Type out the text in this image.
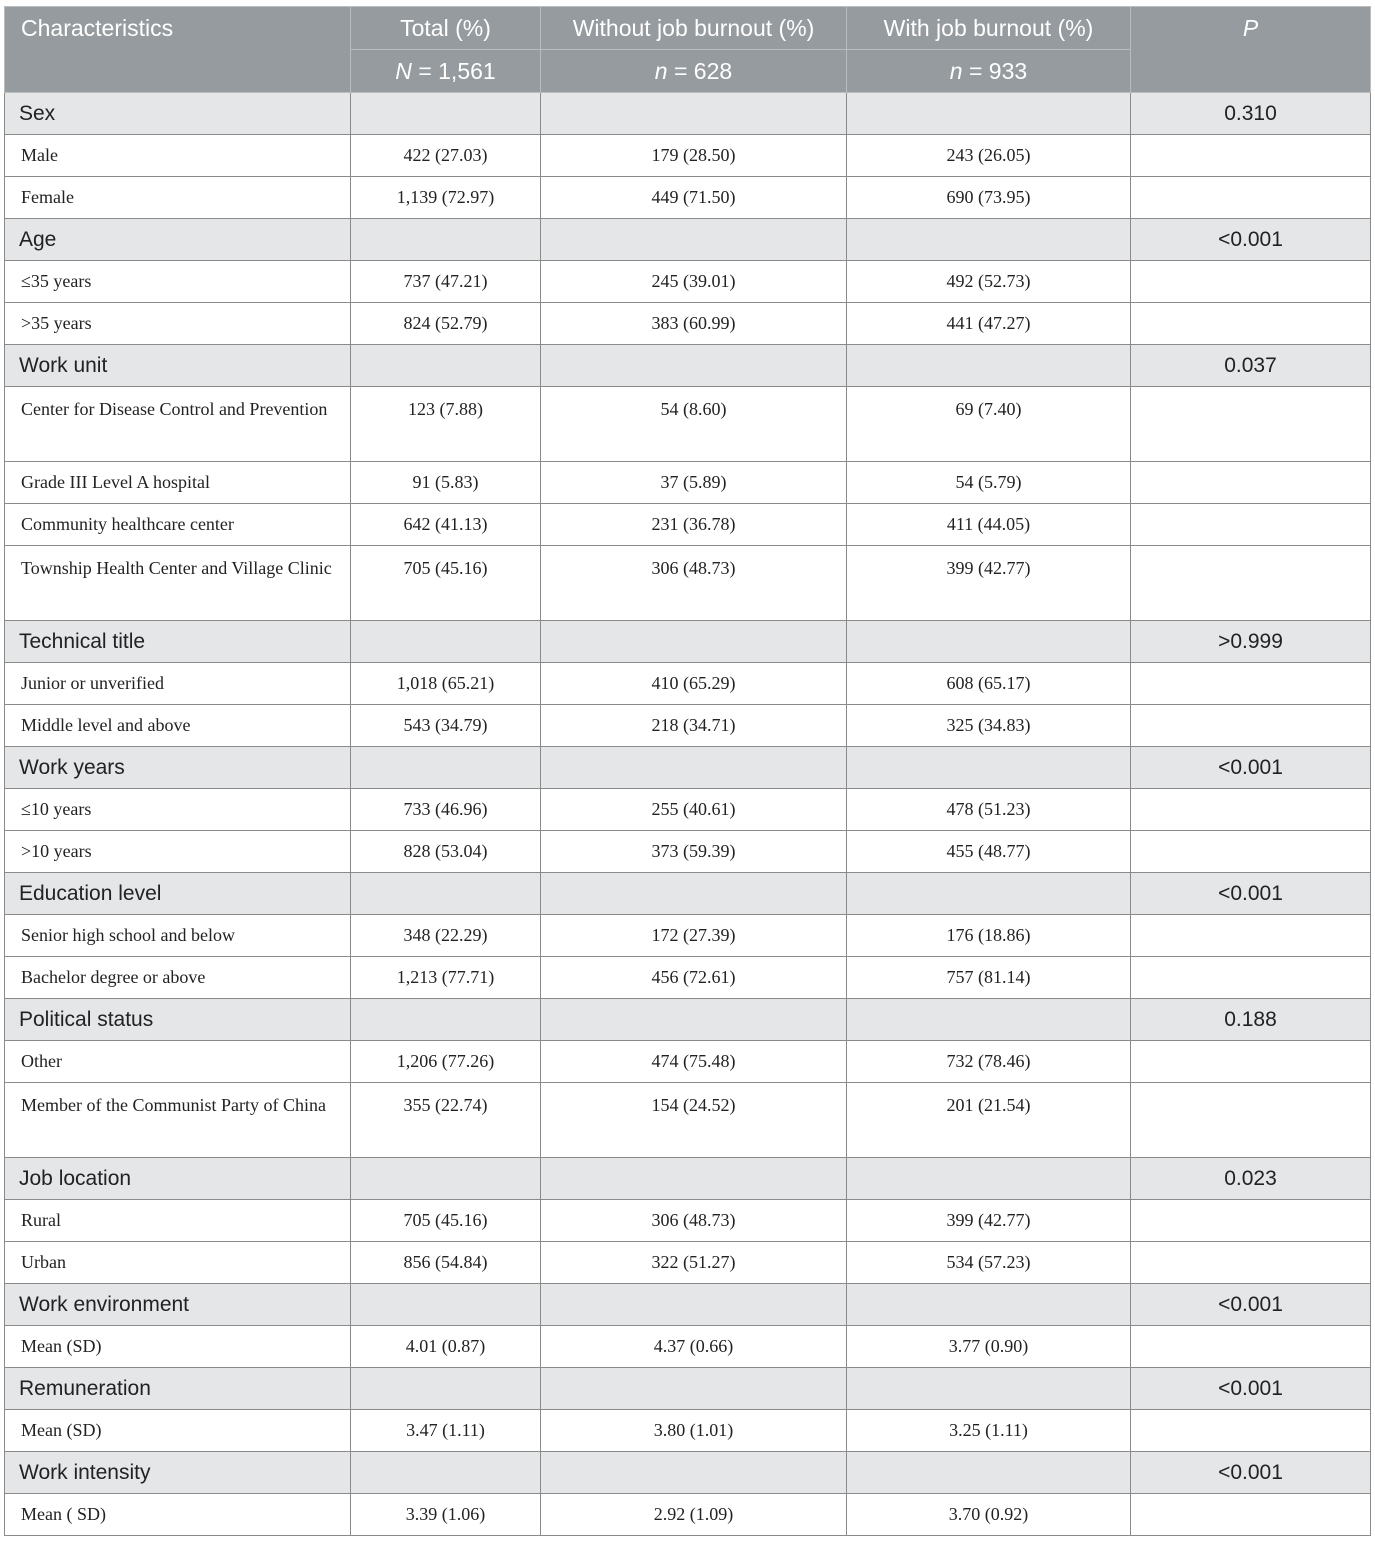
Characteristics	Total (%)	Without job burnout (%)	With job burnout (%)	P
	N = 1,561	n = 628	n = 933	
Sex				0.310
Male	422 (27.03)	179 (28.50)	243 (26.05)	
Female	1,139 (72.97)	449 (71.50)	690 (73.95)	
Age				<0.001
≤35 years	737 (47.21)	245 (39.01)	492 (52.73)	
>35 years	824 (52.79)	383 (60.99)	441 (47.27)	
Work unit				0.037
Center for Disease Control and Prevention	123 (7.88)	54 (8.60)	69 (7.40)	
Grade III Level A hospital	91 (5.83)	37 (5.89)	54 (5.79)	
Community healthcare center	642 (41.13)	231 (36.78)	411 (44.05)	
Township Health Center and Village Clinic	705 (45.16)	306 (48.73)	399 (42.77)	
Technical title				>0.999
Junior or unverified	1,018 (65.21)	410 (65.29)	608 (65.17)	
Middle level and above	543 (34.79)	218 (34.71)	325 (34.83)	
Work years				<0.001
≤10 years	733 (46.96)	255 (40.61)	478 (51.23)	
>10 years	828 (53.04)	373 (59.39)	455 (48.77)	
Education level				<0.001
Senior high school and below	348 (22.29)	172 (27.39)	176 (18.86)	
Bachelor degree or above	1,213 (77.71)	456 (72.61)	757 (81.14)	
Political status				0.188
Other	1,206 (77.26)	474 (75.48)	732 (78.46)	
Member of the Communist Party of China	355 (22.74)	154 (24.52)	201 (21.54)	
Job location				0.023
Rural	705 (45.16)	306 (48.73)	399 (42.77)	
Urban	856 (54.84)	322 (51.27)	534 (57.23)	
Work environment				<0.001
Mean (SD)	4.01 (0.87)	4.37 (0.66)	3.77 (0.90)	
Remuneration				<0.001
Mean (SD)	3.47 (1.11)	3.80 (1.01)	3.25 (1.11)	
Work intensity				<0.001
Mean ( SD)	3.39 (1.06)	2.92 (1.09)	3.70 (0.92)	
